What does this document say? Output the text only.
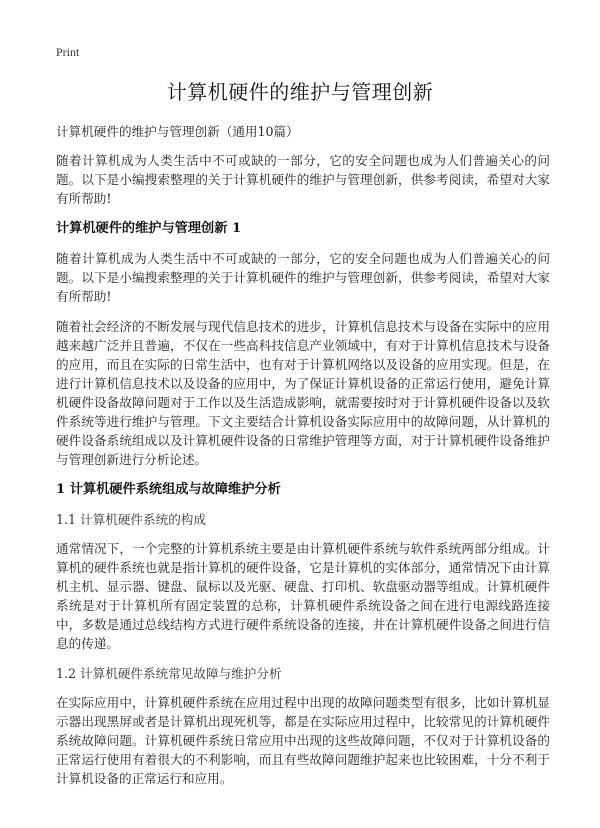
Print
计算机硬件的维护与管理创新

计算机硬件的维护与管理创新（通用10篇）

随着计算机成为人类生活中不可或缺的一部分，它的安全问题也成为人们普遍关心的问题。以下是小编搜索整理的关于计算机硬件的维护与管理创新，供参考阅读，希望对大家有所帮助!

计算机硬件的维护与管理创新 1

随着计算机成为人类生活中不可或缺的一部分，它的安全问题也成为人们普遍关心的问题。以下是小编搜索整理的关于计算机硬件的维护与管理创新，供参考阅读，希望对大家有所帮助!

随着社会经济的不断发展与现代信息技术的进步，计算机信息技术与设备在实际中的应用越来越广泛并且普遍，不仅在一些高科技信息产业领域中，有对于计算机信息技术与设备的应用，而且在实际的日常生活中，也有对于计算机网络以及设备的应用实现。但是，在进行计算机信息技术以及设备的应用中，为了保证计算机设备的正常运行使用，避免计算机硬件设备故障问题对于工作以及生活造成影响，就需要按时对于计算机硬件设备以及软件系统等进行维护与管理。下文主要结合计算机设备实际应用中的故障问题，从计算机的硬件设备系统组成以及计算机硬件设备的日常维护管理等方面，对于计算机硬件设备维护与管理创新进行分析论述。

1 计算机硬件系统组成与故障维护分析

1.1 计算机硬件系统的构成

通常情况下，一个完整的计算机系统主要是由计算机硬件系统与软件系统两部分组成。计算机的硬件系统也就是指计算机的硬件设备，它是计算机的实体部分，通常情况下由计算机主机、显示器、键盘、鼠标以及光驱、硬盘、打印机、软盘驱动器等组成。计算机硬件系统是对于计算机所有固定装置的总称，计算机硬件系统设备之间在进行电源线路连接中，多数是通过总线结构方式进行硬件系统设备的连接，并在计算机硬件设备之间进行信息的传递。

1.2 计算机硬件系统常见故障与维护分析

在实际应用中，计算机硬件系统在应用过程中出现的故障问题类型有很多，比如计算机显示器出现黑屏或者是计算机出现死机等，都是在实际应用过程中，比较常见的计算机硬件系统故障问题。计算机硬件系统日常应用中出现的这些故障问题，不仅对于计算机设备的正常运行使用有着很大的不利影响，而且有些故障问题维护起来也比较困难，十分不利于计算机设备的正常运行和应用。
